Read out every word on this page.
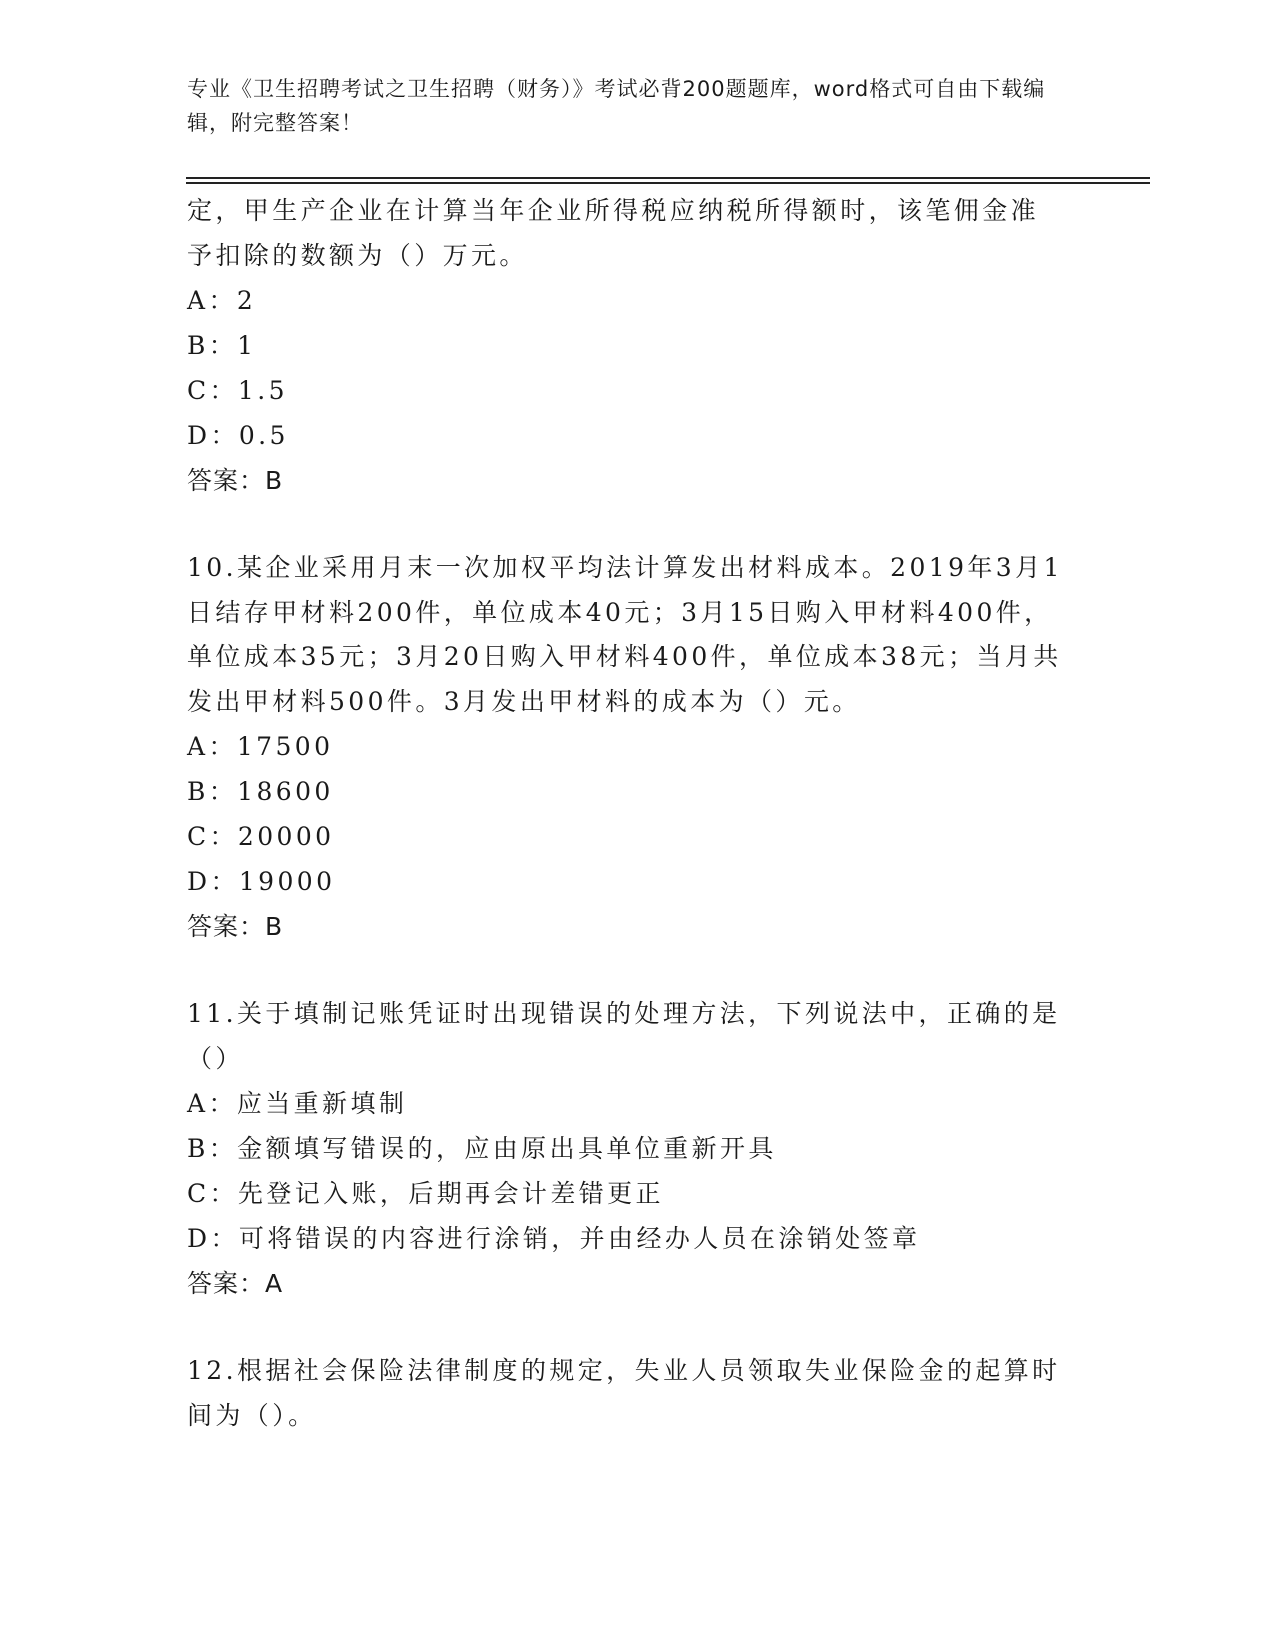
专业《卫生招聘考试之卫生招聘（财务）》考试必背200题题库，word格式可自由下载编辑，附完整答案！

定，甲生产企业在计算当年企业所得税应纳税所得额时，该笔佣金准予扣除的数额为（）万元。

A：2

B：1

C：1.5

D：0.5

答案：B

10.某企业采用月末一次加权平均法计算发出材料成本。2019年3月1日结存甲材料200件，单位成本40元；3月15日购入甲材料400件，单位成本35元；3月20日购入甲材料400件，单位成本38元；当月共发出甲材料500件。3月发出甲材料的成本为（）元。

A：17500

B：18600

C：20000

D：19000

答案：B

11.关于填制记账凭证时出现错误的处理方法，下列说法中，正确的是（）

A：应当重新填制

B：金额填写错误的，应由原出具单位重新开具

C：先登记入账，后期再会计差错更正

D：可将错误的内容进行涂销，并由经办人员在涂销处签章

答案：A

12.根据社会保险法律制度的规定，失业人员领取失业保险金的起算时间为（）。
